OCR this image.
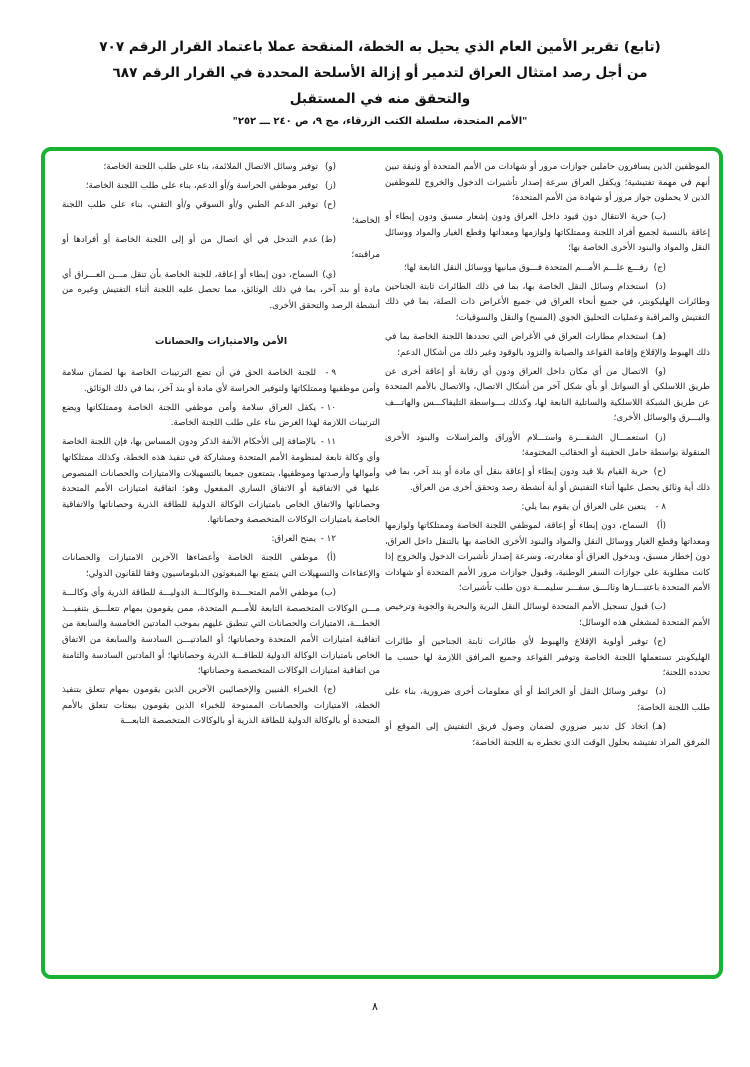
(تابع) تقرير الأمين العام الذي يحيل به الخطة، المنقحة عملا باعتماد القرار الرقم ٧٠٧
من أجل رصد امتثال العراق لتدمير أو إزالة الأسلحة المحددة في القرار الرقم ٦٨٧
والتحقق منه في المستقبل
"الأمم المتحدة، سلسلة الكتب الزرقاء، مج ٩، ص ٢٤٠ ـــ ٢٥٢"

الموظفين الذين يسافرون حاملين جوازات مرور أو شهادات من الأمم المتحدة أو وثيقة تبين أنهم في مهمة تفتيشية؛ ويكفل العراق سرعة إصدار تأشيرات الدخول والخروج للموظفين الذين لا يحملون جواز مرور أو شهادة من الأمم المتحدة؛

(ب)حرية الانتقال دون قيود داخل العراق ودون إشعار مسبق ودون إبطاء أو إعاقة بالنسبة لجميع أفراد اللجنة وممتلكاتها ولوازمها ومعداتها وقطع الغيار والمواد ووسائل النقل والمواد والبنود الأخرى الخاصة بها؛

(ج)رفـــع علـــم الأمـــم المتحدة فـــوق مبانيها ووسائل النقل التابعة لها؛

(د)استخدام وسائل النقل الخاصة بها، بما في ذلك الطائرات ثابتة الجناحين وطائرات الهليكوبتر، في جميع أنحاء العراق في جميع الأغراض ذات الصلة، بما في ذلك التفتيش والمراقبة وعمليات التحليق الجوي (المسح) والنقل والسوقيات؛

(هـ)استخدام مطارات العراق في الأغراض التي تحددها اللجنة الخاصة بما في ذلك الهبوط والإقلاع وإقامة القواعد والصيانة والتزود بالوقود وغير ذلك من أشكال الدعم؛

(و)الاتصال من أي مكان داخل العراق ودون أي رقابة أو إعاقة أخرى عن طريق اللاسلكي أو السواتل أو بأي شكل آخر من أشكال الاتصال، والاتصال بالأمم المتحدة عن طريق الشبكة اللاسلكية والساتلية التابعة لها، وكذلك بـــواسطة التليفاكـــس والهاتـــف والبـــرق والوسائل الأخرى؛

(ز)استعمـــال الشفـــرة واستـــلام الأوراق والمراسلات والبنود الأخرى المنقولة بواسطة حامل الحقيبة أو الحقائب المختومة؛

(ح)حرية القيام بلا قيد ودون إبطاء أو إعاقة بنقل أي مادة أو بند آخر، بما في ذلك أية وثائق يحصل عليها أثناء التفتيش أو أية أنشطة رصد وتحقق أخرى من العراق.

٨ -يتعين على العراق أن يقوم بما يلي:

(أ)السماح، دون إبطاء أو إعاقة، لموظفي اللجنة الخاصة وممتلكاتها ولوازمها ومعداتها وقطع الغيار ووسائل النقل والمواد والبنود الأخرى الخاصة بها بالتنقل داخل العراق، دون إخطار مسبق، وبدخول العراق أو مغادرته، وسرعة إصدار تأشيرات الدخول والخروج إذا كانت مطلوبة على جوازات السفر الوطنية، وقبول جوازات مرور الأمم المتحدة أو شهادات الأمم المتحدة باعتبـــارها وثائـــق سفـــر سليمـــة دون طلب تأشيرات؛

(ب)قبول تسجيل الأمم المتحدة لوسائل النقل البرية والبحرية والجوية وترخيص الأمم المتحدة لمشغلي هذه الوسائل؛

(ج)توفير أولوية الإقلاع والهبوط لأي طائرات ثابتة الجناحين أو طائرات الهليكوبتر تستعملها اللجنة الخاصة وتوفير القواعد وجميع المرافق اللازمة لها حسب ما تحدده اللجنة؛

(د)توفير وسائل النقل أو الخرائط أو أي معلومات أخرى ضرورية، بناء على طلب اللجنة الخاصة؛

(هـ)اتخاذ كل تدبير ضروري لضمان وصول فريق التفتيش إلى الموقع أو المرفق المراد تفتيشه بحلول الوقت الذي تخطره به اللجنة الخاصة؛

(و)توفير وسائل الاتصال الملائمة، بناء على طلب اللجنة الخاصة؛

(ز)توفير موظفي الحراسة و/أو الدعم، بناء على طلب اللجنة الخاصة؛

(ح)توفير الدعم الطبي و/أو السوقي و/أو التقني، بناء على طلب اللجنة الخاصة؛

(ط)عدم التدخل في أي اتصال من أو إلى اللجنة الخاصة أو أفرادها أو مراقبته؛

(ي)السماح، دون إبطاء أو إعاقة، للجنة الخاصة بأن تنقل مـــن العـــراق أي مادة أو بند آخر، بما في ذلك الوثائق، مما تحصل عليه اللجنة أثناء التفتيش وغيره من أنشطة الرصد والتحقق الأخرى.

الأمن والامتيازات والحصانات

٩ -للجنة الخاصة الحق في أن تضع الترتيبات الخاصة بها لضمان سلامة وأمن موظفيها وممتلكاتها ولتوفير الحراسة لأي مادة أو بند آخر، بما في ذلك الوثائق.

١٠ -يكفل العراق سلامة وأمن موظفي اللجنة الخاصة وممتلكاتها ويضع الترتيبات اللازمة لهذا الغرض بناء على طلب اللجنة الخاصة.

١١ -بالإضافة إلى الأحكام الآنفة الذكر ودون المساس بها، فإن اللجنة الخاصة وأي وكالة تابعة لمنظومة الأمم المتحدة ومشاركة في تنفيذ هذه الخطة، وكذلك ممتلكاتها وأموالها وأرصدتها وموظفيها، يتمتعون جميعا بالتسهيلات والامتيازات والحصانات المنصوص عليها في الاتفاقية أو الاتفاق الساري المفعول وهو: اتفاقية امتيازات الأمم المتحدة وحصاناتها والاتفاق الخاص بامتيازات الوكالة الدولية للطاقة الذرية وحصاناتها والاتفاقية الخاصة بامتيازات الوكالات المتخصصة وحصاناتها.

١٢ -يمنح العراق:

(أ)موظفي اللجنة الخاصة وأعضاءها الآخرين الامتيازات والحصانات والإعفاءات والتسهيلات التي يتمتع بها المبعوثون الدبلوماسيون وفقا للقانون الدولي؛

(ب)موظفي الأمم المتحـــدة والوكالـــة الدوليـــة للطاقة الذرية وأي وكالـــة مـــن الوكالات المتخصصة التابعة للأمـــم المتحدة، ممن يقومون بمهام تتعلـــق بتنفيـــذ الخطـــة، الامتيازات والحصانات التي تنطبق عليهم بموجب المادتين الخامسة والسابعة من اتفاقية امتيازات الأمم المتحدة وحصاناتها؛ أو المادتيـــن السادسة والسابعة من الاتفاق الخاص بامتيازات الوكالة الدولية للطاقـــة الذرية وحصاناتها؛ أو المادتين السادسة والثامنة من اتفاقية امتيازات الوكالات المتخصصة وحصاناتها؛

(ج)الخبراء الفنيين والإخصائيين الآخرين الذين يقومون بمهام تتعلق بتنفيذ الخطة، الامتيازات والحصانات الممنوحة للخبراء الذين يقومون ببعثات تتعلق بالأمم المتحدة أو بالوكالة الدولية للطاقة الذرية أو بالوكالات المتخصصة التابعـــة

٨
